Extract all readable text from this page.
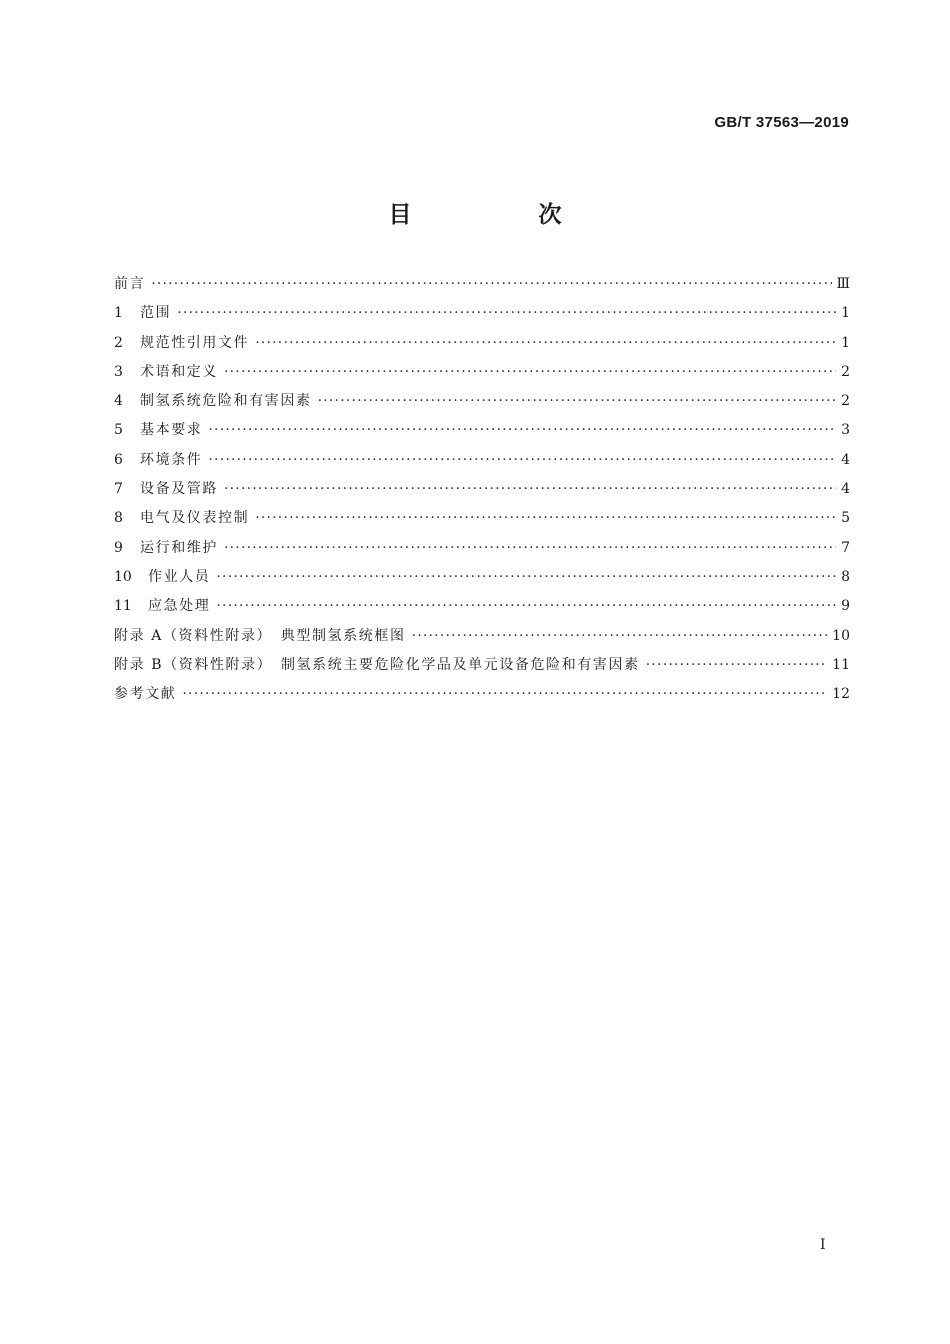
GB/T 37563—2019
目　次
前言 ·····	Ⅲ
1	范围 ·····	1
2	规范性引用文件 ·····	1
3	术语和定义 ·····	2
4	制氢系统危险和有害因素 ·····	2
5	基本要求 ·····	3
6	环境条件 ·····	4
7	设备及管路 ·····	4
8	电气及仪表控制 ·····	5
9	运行和维护 ·····	7
10	作业人员 ·····	8
11	应急处理 ·····	9
附录 A（资料性附录）　典型制氢系统框图 ·····	10
附录 B（资料性附录）　制氢系统主要危险化学品及单元设备危险和有害因素 ·····	11
参考文献 ·····	12
Ⅰ
